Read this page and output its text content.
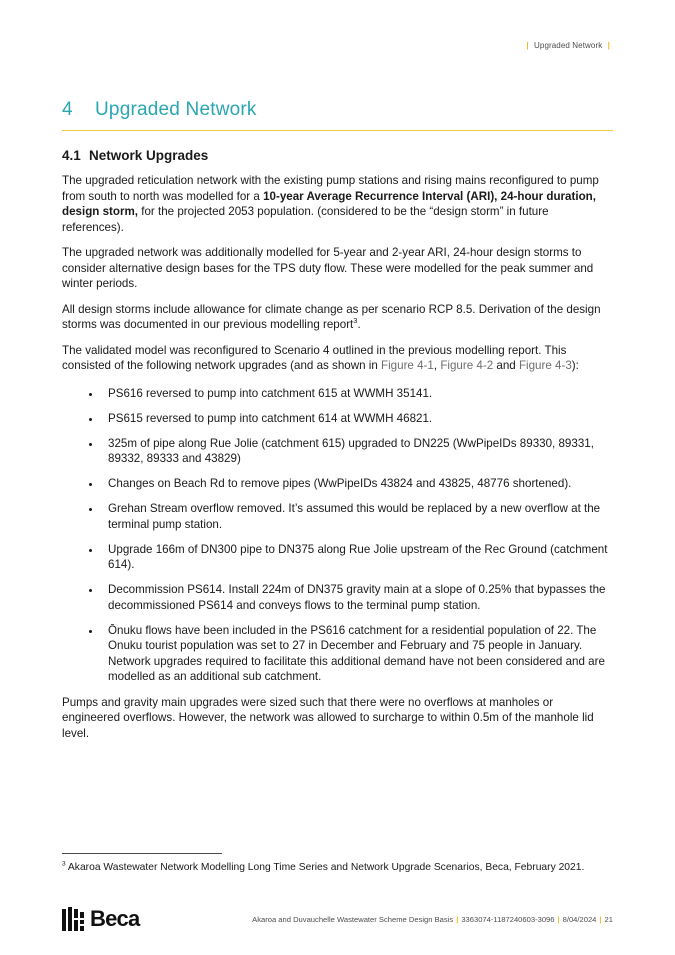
| Upgraded Network |
4 Upgraded Network
4.1 Network Upgrades

The upgraded reticulation network with the existing pump stations and rising mains reconfigured to pump from south to north was modelled for a 10-year Average Recurrence Interval (ARI), 24-hour duration, design storm, for the projected 2053 population. (considered to be the “design storm” in future references).

The upgraded network was additionally modelled for 5-year and 2-year ARI, 24-hour design storms to consider alternative design bases for the TPS duty flow. These were modelled for the peak summer and winter periods.

All design storms include allowance for climate change as per scenario RCP 8.5. Derivation of the design storms was documented in our previous modelling report$^3$.

The validated model was reconfigured to Scenario 4 outlined in the previous modelling report. This consisted of the following network upgrades (and as shown in Figure 4-1, Figure 4-2 and Figure 4-3):

• PS616 reversed to pump into catchment 615 at WWMH 35141.
• PS615 reversed to pump into catchment 614 at WWMH 46821.
• 325m of pipe along Rue Jolie (catchment 615) upgraded to DN225 (WwPipeIDs 89330, 89331, 89332, 89333 and 43829)
• Changes on Beach Rd to remove pipes (WwPipeIDs 43824 and 43825, 48776 shortened).
• Grehan Stream overflow removed. It’s assumed this would be replaced by a new overflow at the terminal pump station.
• Upgrade 166m of DN300 pipe to DN375 along Rue Jolie upstream of the Rec Ground (catchment 614).
• Decommission PS614. Install 224m of DN375 gravity main at a slope of 0.25% that bypasses the decommissioned PS614 and conveys flows to the terminal pump station.
• Ōnuku flows have been included in the PS616 catchment for a residential population of 22. The Onuku tourist population was set to 27 in December and February and 75 people in January. Network upgrades required to facilitate this additional demand have not been considered and are modelled as an additional sub catchment.

Pumps and gravity main upgrades were sized such that there were no overflows at manholes or engineered overflows. However, the network was allowed to surcharge to within 0.5m of the manhole lid level.

$^3$ Akaroa Wastewater Network Modelling Long Time Series and Network Upgrade Scenarios, Beca, February 2021.

Beca	Akaroa and Duvauchelle Wastewater Scheme Design Basis | 3363074-1187240603-3096 | 8/04/2024 | 21
